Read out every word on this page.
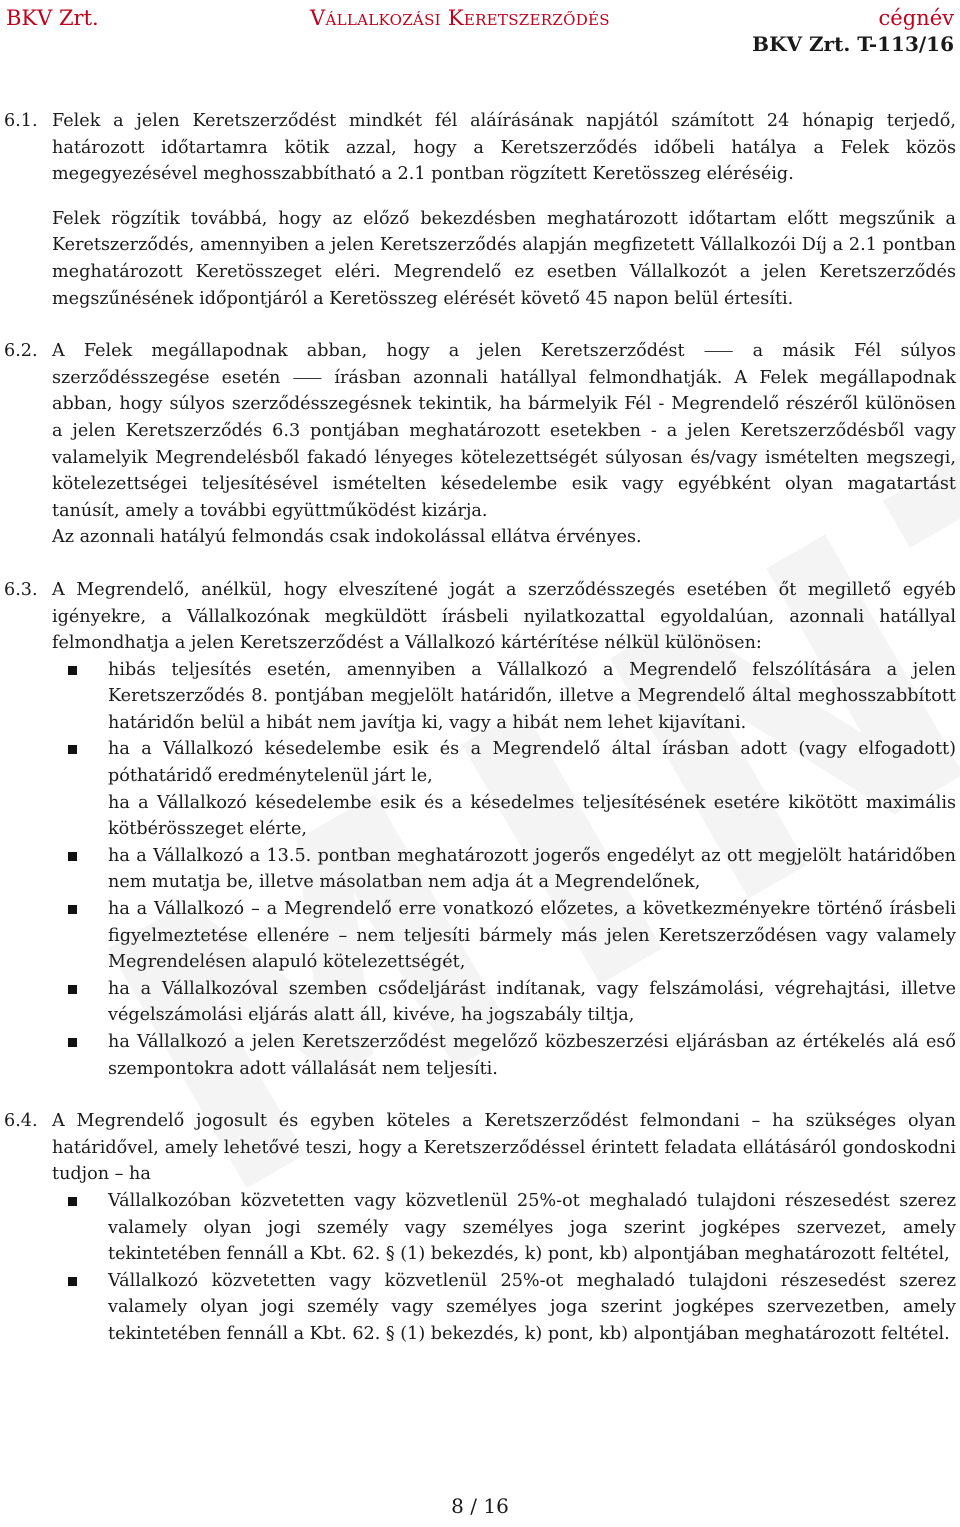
BKV Zrt.	Vállalkozási Keretszerződés	cégnév
BKV Zrt. T-113/16
6.1. Felek a jelen Keretszerződést mindkét fél aláírásának napjától számított 24 hónapig terjedő, határozott időtartamra kötik azzal, hogy a Keretszerződés időbeli hatálya a Felek közös megegyezésével meghosszabbítható a 2.1 pontban rögzített Keretösszeg eléréséig.
Felek rögzítik továbbá, hogy az előző bekezdésben meghatározott időtartam előtt megszűnik a Keretszerződés, amennyiben a jelen Keretszerződés alapján megfizetett Vállalkozói Díj a 2.1 pontban meghatározott Keretösszeget eléri. Megrendelő ez esetben Vállalkozót a jelen Keretszerződés megszűnésének időpontjáról a Keretösszeg elérését követő 45 napon belül értesíti.
6.2. A Felek megállapodnak abban, hogy a jelen Keretszerződést ⸺ a másik Fél súlyos szerződésszegése esetén ⸺ írásban azonnali hatállyal felmondhatják. A Felek megállapodnak abban, hogy súlyos szerződésszegésnek tekintik, ha bármelyik Fél - Megrendelő részéről különösen a jelen Keretszerződés 6.3 pontjában meghatározott esetekben - a jelen Keretszerződésből vagy valamelyik Megrendelésből fakadó lényeges kötelezettségét súlyosan és/vagy ismételten megszegi, kötelezettségei teljesítésével ismételten késedelembe esik vagy egyébként olyan magatartást tanúsít, amely a további együttműködést kizárja.
Az azonnali hatályú felmondás csak indokolással ellátva érvényes.
6.3. A Megrendelő, anélkül, hogy elveszítené jogát a szerződésszegés esetében őt megillető egyéb igényekre, a Vállalkozónak megküldött írásbeli nyilatkozattal egyoldalúan, azonnali hatállyal felmondhatja a jelen Keretszerződést a Vállalkozó kártérítése nélkül különösen:
hibás teljesítés esetén, amennyiben a Vállalkozó a Megrendelő felszólítására a jelen Keretszerződés 8. pontjában megjelölt határidőn, illetve a Megrendelő által meghosszabbított határidőn belül a hibát nem javítja ki, vagy a hibát nem lehet kijavítani.
ha a Vállalkozó késedelembe esik és a Megrendelő által írásban adott (vagy elfogadott) póthatáridő eredménytelenül járt le,
ha a Vállalkozó késedelembe esik és a késedelmes teljesítésének esetére kikötött maximális kötbérösszeget elérte,
ha a Vállalkozó a 13.5. pontban meghatározott jogerős engedélyt az ott megjelölt határidőben nem mutatja be, illetve másolatban nem adja át a Megrendelőnek,
ha a Vállalkozó – a Megrendelő erre vonatkozó előzetes, a következményekre történő írásbeli figyelmeztetése ellenére – nem teljesíti bármely más jelen Keretszerződésen vagy valamely Megrendelésen alapuló kötelezettségét,
ha a Vállalkozóval szemben csődeljárást indítanak, vagy felszámolási, végrehajtási, illetve végelszámolási eljárás alatt áll, kivéve, ha jogszabály tiltja,
ha Vállalkozó a jelen Keretszerződést megelőző közbeszerzési eljárásban az értékelés alá eső szempontokra adott vállalását nem teljesíti.
6.4. A Megrendelő jogosult és egyben köteles a Keretszerződést felmondani – ha szükséges olyan határidővel, amely lehetővé teszi, hogy a Keretszerződéssel érintett feladata ellátásáról gondoskodni tudjon – ha
Vállalkozóban közvetetten vagy közvetlenül 25%-ot meghaladó tulajdoni részesedést szerez valamely olyan jogi személy vagy személyes joga szerint jogképes szervezet, amely tekintetében fennáll a Kbt. 62. § (1) bekezdés, k) pont, kb) alpontjában meghatározott feltétel,
Vállalkozó közvetetten vagy közvetlenül 25%-ot meghaladó tulajdoni részesedést szerez valamely olyan jogi személy vagy személyes joga szerint jogképes szervezetben, amely tekintetében fennáll a Kbt. 62. § (1) bekezdés, k) pont, kb) alpontjában meghatározott feltétel.
8 / 16
